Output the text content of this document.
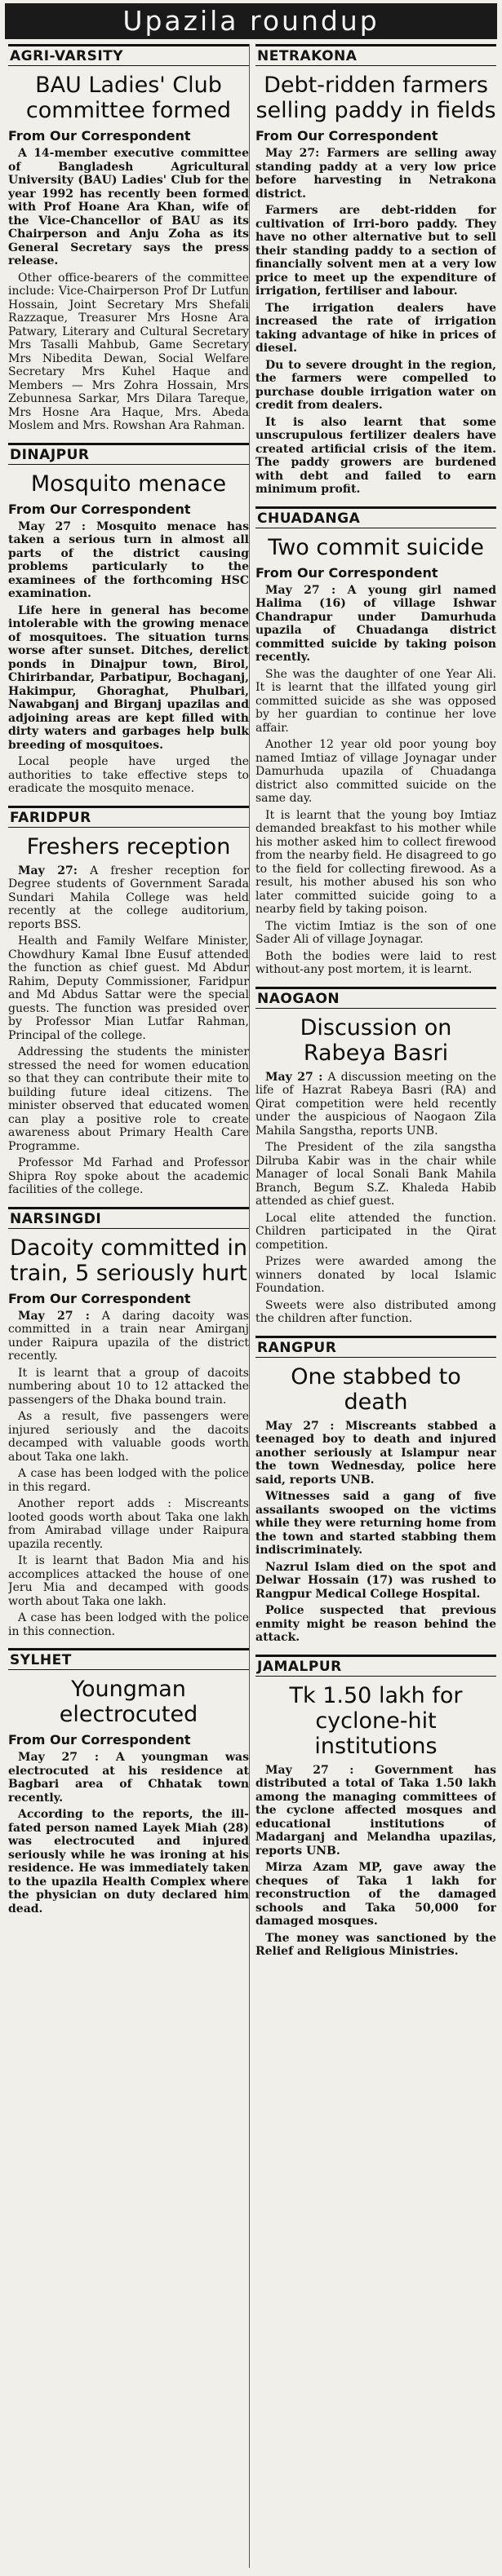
Upazila roundup
AGRI-VARSITY
BAU Ladies' Club committee formed
From Our Correspondent

A 14-member executive committee of Bangladesh Agricultural University (BAU) Ladies' Club for the year 1992 has recently been formed with Prof Hoane Ara Khan, wife of the Vice-Chancellor of BAU as its Chairperson and Anju Zoha as its General Secretary says the press release.

Other office-bearers of the committee include: Vice-Chairperson Prof Dr Lutfun Hossain, Joint Secretary Mrs Shefali Razzaque, Treasurer Mrs Hosne Ara Patwary, Literary and Cultural Secretary Mrs Tasalli Mahbub, Game Secretary Mrs Nibedita Dewan, Social Welfare Secretary Mrs Kuhel Haque and Members — Mrs Zohra Hossain, Mrs Zebunnesa Sarkar, Mrs Dilara Tareque, Mrs Hosne Ara Haque, Mrs. Abeda Moslem and Mrs. Rowshan Ara Rahman.

DINAJPUR
Mosquito menace
From Our Correspondent

May 27 : Mosquito menace has taken a serious turn in almost all parts of the district causing problems particularly to the examinees of the forthcoming HSC examination.

Life here in general has become intolerable with the growing menace of mosquitoes. The situation turns worse after sunset. Ditches, derelict ponds in Dinajpur town, Birol, Chirirbandar, Parbatipur, Bochaganj, Hakimpur, Ghoraghat, Phulbari, Nawabganj and Birganj upazilas and adjoining areas are kept filled with dirty waters and garbages help bulk breeding of mosquitoes.

Local people have urged the authorities to take effective steps to eradicate the mosquito menace.

FARIDPUR
Freshers reception

May 27: A fresher reception for Degree students of Government Sarada Sundari Mahila College was held recently at the college auditorium, reports BSS.

Health and Family Welfare Minister, Chowdhury Kamal Ibne Eusuf attended the function as chief guest. Md Abdur Rahim, Deputy Commissioner, Faridpur and Md Abdus Sattar were the special guests. The function was presided over by Professor Mian Lutfar Rahman, Principal of the college.

Addressing the students the minister stressed the need for women education so that they can contribute their mite to building future ideal citizens. The minister observed that educated women can play a positive role to create awareness about Primary Health Care Programme.

Professor Md Farhad and Professor Shipra Roy spoke about the academic facilities of the college.

NARSINGDI
Dacoity committed in train, 5 seriously hurt
From Our Correspondent

May 27 : A daring dacoity was committed in a train near Amirganj under Raipura upazila of the district recently.

It is learnt that a group of dacoits numbering about 10 to 12 attacked the passengers of the Dhaka bound train.

As a result, five passengers were injured seriously and the dacoits decamped with valuable goods worth about Taka one lakh.

A case has been lodged with the police in this regard.

Another report adds : Miscreants looted goods worth about Taka one lakh from Amirabad village under Raipura upazila recently.

It is learnt that Badon Mia and his accomplices attacked the house of one Jeru Mia and decamped with goods worth about Taka one lakh.

A case has been lodged with the police in this connection.

SYLHET
Youngman electrocuted
From Our Correspondent

May 27 : A youngman was electrocuted at his residence at Bagbari area of Chhatak town recently.

According to the reports, the ill-fated person named Layek Miah (28) was electrocuted and injured seriously while he was ironing at his residence. He was immediately taken to the upazila Health Complex where the physician on duty declared him dead.

NETRAKONA
Debt-ridden farmers selling paddy in fields
From Our Correspondent

May 27: Farmers are selling away standing paddy at a very low price before harvesting in Netrakona district.

Farmers are debt-ridden for cultivation of Irri-boro paddy. They have no other alternative but to sell their standing paddy to a section of financially solvent men at a very low price to meet up the expenditure of irrigation, fertiliser and labour.

The irrigation dealers have increased the rate of irrigation taking advantage of hike in prices of diesel.

Du to severe drought in the region, the farmers were compelled to purchase double irrigation water on credit from dealers.

It is also learnt that some unscrupulous fertilizer dealers have created artificial crisis of the item. The paddy growers are burdened with debt and failed to earn minimum profit.

CHUADANGA
Two commit suicide
From Our Correspondent

May 27 : A young girl named Halima (16) of village Ishwar Chandrapur under Damurhuda upazila of Chuadanga district committed suicide by taking poison recently.

She was the daughter of one Year Ali. It is learnt that the illfated young girl committed suicide as she was opposed by her guardian to continue her love affair.

Another 12 year old poor young boy named Imtiaz of village Joynagar under Damurhuda upazila of Chuadanga district also committed suicide on the same day.

It is learnt that the young boy Imtiaz demanded breakfast to his mother while his mother asked him to collect firewood from the nearby field. He disagreed to go to the field for collecting firewood. As a result, his mother abused his son who later committed suicide going to a nearby field by taking poison.

The victim Imtiaz is the son of one Sader Ali of village Joynagar.

Both the bodies were laid to rest without-any post mortem, it is learnt.

NAOGAON
Discussion on Rabeya Basri

May 27 : A discussion meeting on the life of Hazrat Rabeya Basri (RA) and Qirat competition were held recently under the auspicious of Naogaon Zila Mahila Sangstha, reports UNB.

The President of the zila sangstha Dilruba Kabir was in the chair while Manager of local Sonali Bank Mahila Branch, Begum S.Z. Khaleda Habib attended as chief guest.

Local elite attended the function. Children participated in the Qirat competition.

Prizes were awarded among the winners donated by local Islamic Foundation.

Sweets were also distributed among the children after function.

RANGPUR
One stabbed to death

May 27 : Miscreants stabbed a teenaged boy to death and injured another seriously at Islampur near the town Wednesday, police here said, reports UNB.

Witnesses said a gang of five assailants swooped on the victims while they were returning home from the town and started stabbing them indiscriminately.

Nazrul Islam died on the spot and Delwar Hossain (17) was rushed to Rangpur Medical College Hospital.

Police suspected that previous enmity might be reason behind the attack.

JAMALPUR
Tk 1.50 lakh for cyclone-hit institutions

May 27 : Government has distributed a total of Taka 1.50 lakh among the managing committees of the cyclone affected mosques and educational institutions of Madarganj and Melandha upazilas, reports UNB.

Mirza Azam MP, gave away the cheques of Taka 1 lakh for reconstruction of the damaged schools and Taka 50,000 for damaged mosques.

The money was sanctioned by the Relief and Religious Ministries.
